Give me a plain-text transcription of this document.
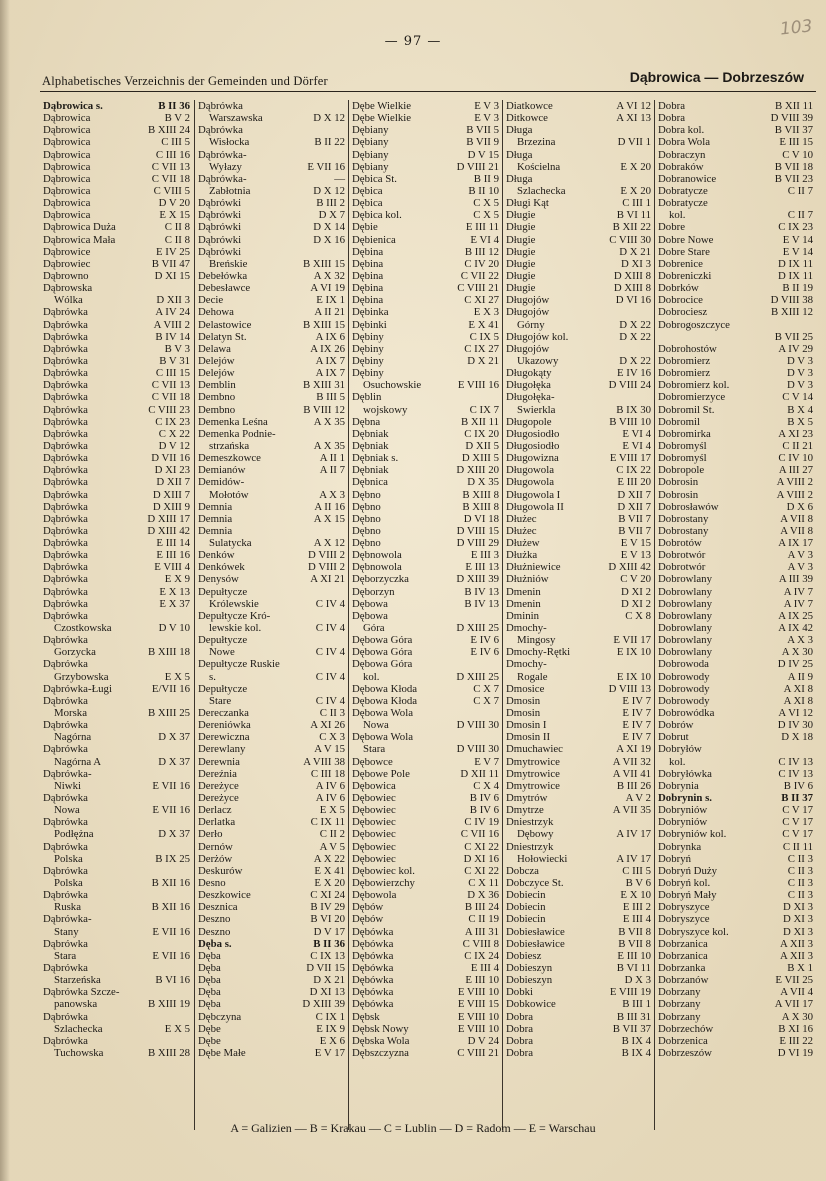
— 97 —
103
Alphabetisches Verzeichnis der Gemeinden und Dörfer	Dąbrowica — Dobrzeszów
Dąbrowica s.	B II 36
Dąbrowica	B V 2
Dąbrowica	B XIII 24
Dąbrowica	C III 5
Dąbrowica	C III 16
Dąbrowica	C VII 13
Dąbrowica	C VII 18
Dąbrowica	C VIII 5
Dąbrowica	D V 20
Dąbrowica	E X 15
Dąbrowica Duża	C II 8
Dąbrowica Mała	C II 8
Dąbrowice	E IV 25
Dąbrowiec	B VII 47
Dąbrowno	D XI 15
Dąbrowska
Wólka	D XII 3
Dąbrówka	A IV 24
Dąbrówka	A VIII 2
Dąbrówka	B IV 14
Dąbrówka	B V 3
Dąbrówka	B V 31
Dąbrówka	C III 15
Dąbrówka	C VII 13
Dąbrówka	C VII 18
Dąbrówka	C VIII 23
Dąbrówka	C IX 23
Dąbrówka	C X 22
Dąbrówka	D V 12
Dąbrówka	D VII 16
Dąbrówka	D XI 23
Dąbrówka	D XII 7
Dąbrówka	D XIII 7
Dąbrówka	D XIII 9
Dąbrówka	D XIII 17
Dąbrówka	D XIII 42
Dąbrówka	E III 14
Dąbrówka	E III 16
Dąbrówka	E VIII 4
Dąbrówka	E X 9
Dąbrówka	E X 13
Dąbrówka	E X 37
Dąbrówka
Czostkowska	D V 10
Dąbrówka
Gorzycka	B XIII 18
Dąbrówka
Grzybowska	E X 5
Dąbrówka-Ługi	E/VII 16
Dąbrówka
Morska	B XIII 25
Dąbrówka
Nagórna	D X 37
Dąbrówka
Nagórna A	D X 37
Dąbrówka-
Niwki	E VII 16
Dąbrówka
Nowa	E VII 16
Dąbrówka
Podłężna	D X 37
Dąbrówka
Polska	B IX 25
Dąbrówka
Polska	B XII 16
Dąbrówka
Ruska	B XII 16
Dąbrówka-
Stany	E VII 16
Dąbrówka
Stara	E VII 16
Dąbrówka
Starzeńska	B VI 16
Dąbrówka Szcze-
panowska	B XIII 19
Dąbrówka
Szlachecka	E X 5
Dąbrówka
Tuchowska	B XIII 28
Dąbrówka
Warszawska	D X 12
Dąbrówka
Wisłocka	B II 22
Dąbrówka-
Wyłazy	E VII 16
Dąbrówka-	—
Zabłotnia	D X 12
Dąbrówki	B III 2
Dąbrówki	D X 7
Dąbrówki	D X 14
Dąbrówki	D X 16
Dąbrówki
Breńskie	B XIII 15
Debełówka	A X 32
Debesławce	A VI 19
Decie	E IX 1
Dehowa	A II 21
Delastowice	B XIII 15
Delatyn St.	A IX 6
Delawa	A IX 26
Delejów	A IX 7
Delejów	A IX 7
Demblin	B XIII 31
Dembno	B III 5
Dembno	B VIII 12
Demenka Leśna	A X 35
Demenka Podnie-
strzańska	A X 35
Demeszkowce	A II 1
Demianów	A II 7
Demidów-
Mołotów	A X 3
Demnia	A II 16
Demnia	A X 15
Demnia
Sulatycka	A X 12
Denków	D VIII 2
Denkówek	D VIII 2
Denysów	A XI 21
Depułtycze
Królewskie	C IV 4
Depułtycze Kró-
lewskie kol.	C IV 4
Depułtycze
Nowe	C IV 4
Depułtycze Ruskie
s.	C IV 4
Depułtycze
Stare	C IV 4
Dereczanka	C II 3
Dereniówka	A XI 26
Derewiczna	C X 3
Derewlany	A V 15
Derewnia	A VIII 38
Dereźnia	C III 18
Dereżyce	A IV 6
Dereżyce	A IV 6
Derlacz	E X 5
Derlatka	C IX 11
Derło	C II 2
Dernów	A V 5
Derżów	A X 22
Deskurów	E X 41
Desno	E X 20
Deszkowice	C XI 24
Desznica	B IV 29
Deszno	B VI 20
Deszno	D V 17
Dęba s.	B II 36
Dęba	C IX 13
Dęba	D VII 15
Dęba	D X 21
Dęba	D XI 13
Dęba	D XIII 39
Dębczyna	C IX 1
Dębe	E IX 9
Dębe	E X 6
Dębe Małe	E V 17
Dębe Wielkie	E V 3
Dębe Wielkie	E V 3
Dębiany	B VII 5
Dębiany	B VII 9
Dębiany	D V 15
Dębiany	D VIII 21
Dębica St.	B II 9
Dębica	B II 10
Dębica	C X 5
Dębica kol.	C X 5
Dębie	E III 11
Dębienica	E VI 4
Dębina	B III 12
Dębina	C IV 20
Dębina	C VII 22
Dębina	C VIII 21
Dębina	C XI 27
Dębinka	E X 3
Dębinki	E X 41
Dębiny	C IX 5
Dębiny	C IX 27
Dębiny	D X 21
Dębiny
Osuchowskie	E VIII 16
Dęblin
wojskowy	C IX 7
Dębna	B XII 11
Dębniak	C IX 20
Dębniak	D XII 5
Dębniak s.	D XIII 5
Dębniak	D XIII 20
Dębnica	D X 35
Dębno	B XIII 8
Dębno	B XIII 8
Dębno	D VI 18
Dębno	D VIII 15
Dębno	D VIII 29
Dębnowola	E III 3
Dębnowola	E III 13
Dęborzyczka	D XIII 39
Dęborzyn	B IV 13
Dębowa	B IV 13
Dębowa
Góra	D XIII 25
Dębowa Góra	E IV 6
Dębowa Góra	E IV 6
Dębowa Góra
kol.	D XIII 25
Dębowa Kłoda	C X 7
Dębowa Kłoda	C X 7
Dębowa Wola
Nowa	D VIII 30
Dębowa Wola
Stara	D VIII 30
Dębowce	E V 7
Dębowe Pole	D XII 11
Dębowica	C X 4
Dębowiec	B IV 6
Dębowiec	B IV 6
Dębowiec	C IV 19
Dębowiec	C VII 16
Dębowiec	C XI 22
Dębowiec	D XI 16
Dębowiec kol.	C XI 22
Dębowierzchy	C X 11
Dębowola	D X 36
Dębów	B III 24
Dębów	C II 19
Dębówka	A III 31
Dębówka	C VIII 8
Dębówka	C IX 24
Dębówka	E III 4
Dębówka	E III 10
Dębówka	E VIII 10
Dębówka	E VIII 15
Dębsk	E VIII 10
Dębsk Nowy	E VIII 10
Dębska Wola	D V 24
Dębszczyzna	C VIII 21
Diatkowce	A VI 12
Ditkowce	A XI 13
Długa
Brzezina	D VII 1
Długa
Kościelna	E X 20
Długa
Szlachecka	E X 20
Długi Kąt	C III 1
Długie	B VI 11
Długie	B XII 22
Długie	C VIII 30
Długie	D X 21
Długie	D XI 3
Długie	D XIII 8
Długie	D XIII 8
Długojów	D VI 16
Długojów
Górny	D X 22
Długojów kol.	D X 22
Długojów
Ukazowy	D X 22
Długokąty	E IV 16
Długołęka	D VIII 24
Długołęka-
Swierkla	B IX 30
Długopole	B VIII 10
Długosiodło	E VI 4
Długosiodło	E VI 4
Długowizna	E VIII 17
Długowola	C IX 22
Długowola	E III 20
Długowola I	D XII 7
Długowola II	D XII 7
Dłużec	B VII 7
Dłużec	B VII 7
Dłużew	E V 15
Dłużka	E V 13
Dłużniewice	D XIII 42
Dłużniów	C V 20
Dmenin	D XI 2
Dmenin	D XI 2
Dminin	C X 8
Dmochy-
Mingosy	E VII 17
Dmochy-Rętki	E IX 10
Dmochy-
Rogale	E IX 10
Dmosice	D VIII 13
Dmosin	E IV 7
Dmosin	E IV 7
Dmosin I	E IV 7
Dmosin II	E IV 7
Dmuchawiec	A XI 19
Dmytrowice	A VII 32
Dmytrowice	A VII 41
Dmytrowice	B III 26
Dmytrów	A V 2
Dmytrze	A VII 35
Dniestrzyk
Dębowy	A IV 17
Dniestrzyk
Hołowiecki	A IV 17
Dobcza	C III 5
Dobczyce St.	B V 6
Dobiecin	E X 10
Dobiecin	E III 2
Dobiecin	E III 4
Dobiesławice	B VII 8
Dobiesławice	B VII 8
Dobiesz	E III 10
Dobieszyn	B VI 11
Dobieszyn	D X 3
Dobki	E VIII 19
Dobkowice	B III 1
Dobra	B III 31
Dobra	B VII 37
Dobra	B IX 4
Dobra	B IX 4
Dobra	B XII 11
Dobra	D VIII 39
Dobra kol.	B VII 37
Dobra Wola	E III 15
Dobraczyn	C V 10
Dobraków	B VII 18
Dobranowice	B VII 23
Dobratycze	C II 7
Dobratycze
kol.	C II 7
Dobre	C IX 23
Dobre Nowe	E V 14
Dobre Stare	E V 14
Dobrenice	D IX 11
Dobreniczki	D IX 11
Dobrków	B II 19
Dobrocice	D VIII 38
Dobrociesz	B XIII 12
Dobrogoszczyce
B VII 25
Dobrohostów	A IV 29
Dobromierz	D V 3
Dobromierz	D V 3
Dobromierz kol.	D V 3
Dobromierzyce	C V 14
Dobromil St.	B X 4
Dobromil	B X 5
Dobromirka	A XI 23
Dobromyśl	C II 21
Dobromyśl	C IV 10
Dobropole	A III 27
Dobrosin	A VIII 2
Dobrosin	A VIII 2
Dobrosławów	D X 6
Dobrostany	A VII 8
Dobrostany	A VII 8
Dobrotów	A IX 17
Dobrotwór	A V 3
Dobrotwór	A V 3
Dobrowlany	A III 39
Dobrowlany	A IV 7
Dobrowlany	A IV 7
Dobrowlany	A IX 25
Dobrowlany	A IX 42
Dobrowlany	A X 3
Dobrowlany	A X 30
Dobrowoda	D IV 25
Dobrowody	A II 9
Dobrowody	A XI 8
Dobrowody	A XI 8
Dobrowódka	A VI 12
Dobrów	D IV 30
Dobrut	D X 18
Dobryłów
kol.	C IV 13
Dobryłówka	C IV 13
Dobrynia	B IV 6
Dobrynin s.	B II 37
Dobryniów	C V 17
Dobryniów	C V 17
Dobryniów kol.	C V 17
Dobrynka	C II 11
Dobryń	C II 3
Dobryń Duży	C II 3
Dobryń kol.	C II 3
Dobryń Mały	C II 3
Dobryszyce	D XI 3
Dobryszyce	D XI 3
Dobryszyce kol.	D XI 3
Dobrzanica	A XII 3
Dobrzanica	A XII 3
Dobrzanka	B X 1
Dobrzanów	E VII 25
Dobrzany	A VII 4
Dobrzany	A VII 17
Dobrzany	A X 30
Dobrzechów	B XI 16
Dobrzenica	E III 22
Dobrzeszów	D VI 19
A = Galizien — B = Krakau — C = Lublin — D = Radom — E = Warschau
